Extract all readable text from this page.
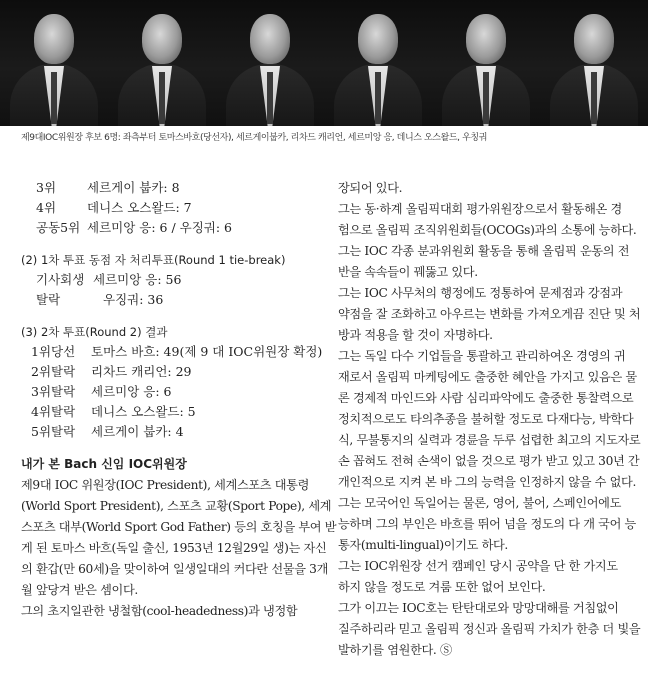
제9대IOC위원장 후보 6명: 좌측부터 토마스바흐(당선자), 세르게이붑카, 리차드 캐리언, 세르미앙 응, 데니스 오스왈드, 우칭궈
3위 세르게이 붑카: 8
4위 데니스 오스왈드: 7
공동5위 세르미앙 응: 6 / 우징궈: 6
(2) 1차 투표 동점 자 처리투표(Round 1 tie-break)
기사회생 세르미앙 응: 56
탈락	우징궈: 36
(3) 2차 투표(Round 2) 결과
1위당선 토마스 바흐: 49(제 9 대 IOC위원장 확정)
2위탈락 리차드 캐리언: 29
3위탈락 세르미앙 응: 6
4위탈락 데니스 오스왈드: 5
5위탈락 세르게이 붑카: 4
내가 본 Bach 신임 IOC위원장
제9대 IOC 위원장(IOC President), 세계스포츠 대통령
(World Sport President), 스포츠 교황(Sport Pope), 세계
스포츠 대부(World Sport God Father) 등의 호칭을 부여 받
게 된 토마스 바흐(독일 출신, 1953년 12월29일 생)는 자신
의 환갑(만 60세)을 맞이하여 일생일대의 커다란 선물을 3개
월 앞당겨 받은 셈이다.
그의 초지일관한 냉철함(cool-headedness)과 냉정함
장되어 있다.
그는 동·하계 올림픽대회 평가위원장으로서 활동해온 경
험으로 올림픽 조직위원회들(OCOGs)과의 소통에 능하다.
그는 IOC 각종 분과위원회 활동을 통해 올림픽 운동의 전
반을 속속들이 꿰뚫고 있다.
그는 IOC 사무처의 행정에도 정통하여 문제점과 강점과
약점을 잘 조화하고 아우르는 변화를 가져오게끔 진단 및 처
방과 적용을 할 것이 자명하다.
그는 독일 다수 기업들을 통괄하고 관리하여온 경영의 귀
재로서 올림픽 마케팅에도 출중한 혜안을 가지고 있음은 물
론 경제적 마인드와 사람 심리파악에도 출중한 통찰력으로
정치적으로도 타의추종을 불허할 정도로 다재다능, 박학다
식, 무불통지의 실력과 경륜을 두루 섭렵한 최고의 지도자로
손 꼽혀도 전혀 손색이 없을 것으로 평가 받고 있고 30년 간
개인적으로 지켜 본 바 그의 능력을 인정하지 않을 수 없다.
그는 모국어인 독일어는 물론, 영어, 불어, 스페인어에도
능하며 그의 부인은 바흐를 뛰어 넘을 정도의 다 개 국어 능
통자(multi-lingual)이기도 하다.
그는 IOC위원장 선거 캠페인 당시 공약을 단 한 가지도
하지 않을 정도로 겨룸 또한 없어 보인다.
그가 이끄는 IOC호는 탄탄대로와 망망대해를 거침없이
질주하리라 믿고 올림픽 정신과 올림픽 가치가 한층 더 빛을
발하기를 염원한다. Ⓢ
